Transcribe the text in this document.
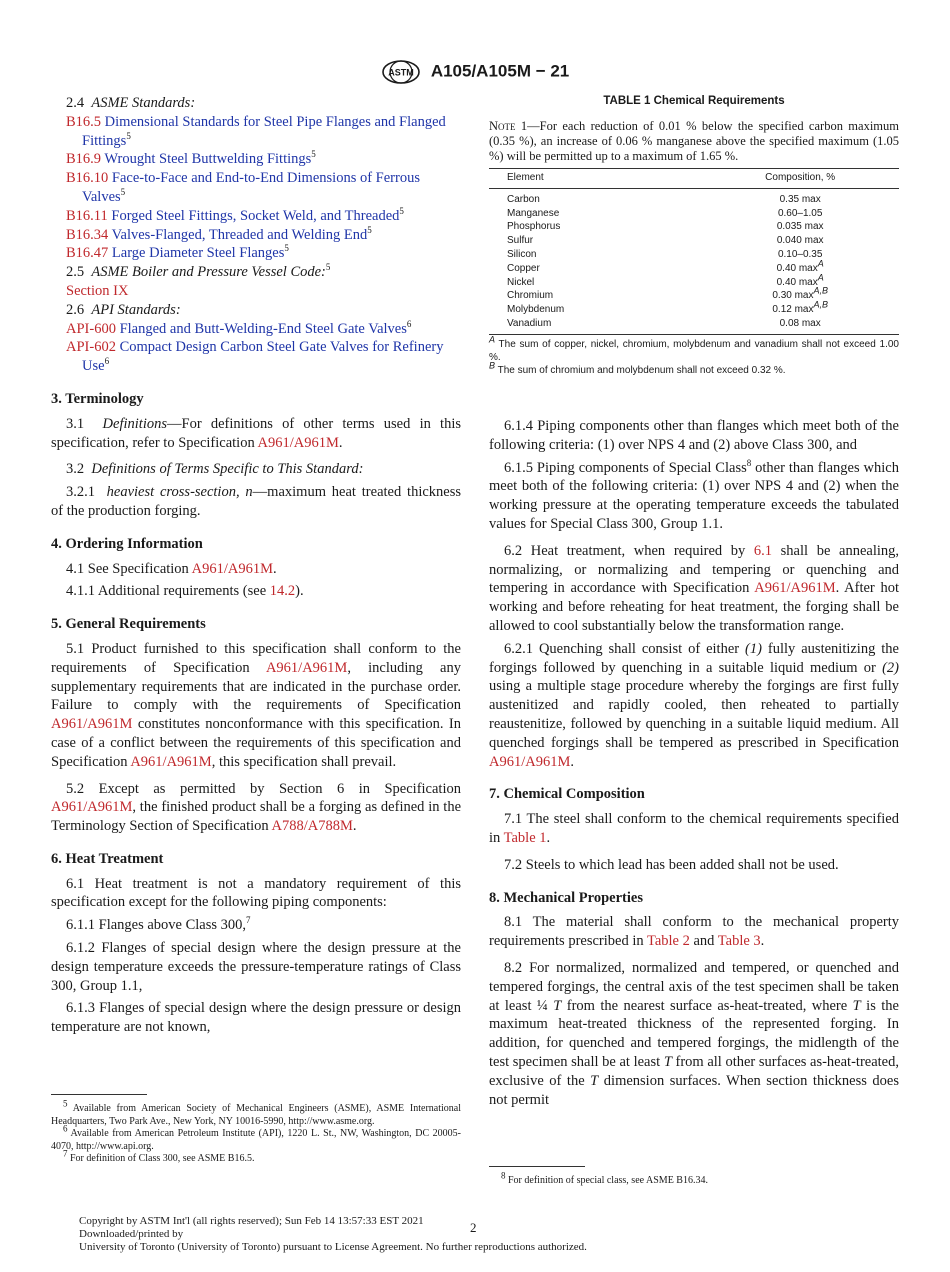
ASTM A105/A105M − 21

2.4 ASME Standards:

B16.5 Dimensional Standards for Steel Pipe Flanges and Flanged Fittings$^5$

B16.9 Wrought Steel Buttwelding Fittings$^5$

B16.10 Face-to-Face and End-to-End Dimensions of Ferrous Valves$^5$

B16.11 Forged Steel Fittings, Socket Weld, and Threaded$^5$

B16.34 Valves-Flanged, Threaded and Welding End$^5$

B16.47 Large Diameter Steel Flanges$^5$

2.5 ASME Boiler and Pressure Vessel Code:$^5$

Section IX

2.6 API Standards:

API-600 Flanged and Butt-Welding-End Steel Gate Valves$^6$

API-602 Compact Design Carbon Steel Gate Valves for Refinery Use$^6$

3. Terminology

3.1 Definitions—For definitions of other terms used in this specification, refer to Specification A961/A961M.

3.2 Definitions of Terms Specific to This Standard:

3.2.1 heaviest cross-section, n—maximum heat treated thickness of the production forging.

4. Ordering Information

4.1 See Specification A961/A961M.

4.1.1 Additional requirements (see 14.2).

5. General Requirements

5.1 Product furnished to this specification shall conform to the requirements of Specification A961/A961M, including any supplementary requirements that are indicated in the purchase order. Failure to comply with the requirements of Specification A961/A961M constitutes nonconformance with this specification. In case of a conflict between the requirements of this specification and Specification A961/A961M, this specification shall prevail.

5.2 Except as permitted by Section 6 in Specification A961/A961M, the finished product shall be a forging as defined in the Terminology Section of Specification A788/A788M.

6. Heat Treatment

6.1 Heat treatment is not a mandatory requirement of this specification except for the following piping components:

6.1.1 Flanges above Class 300,$^7$

6.1.2 Flanges of special design where the design pressure at the design temperature exceeds the pressure-temperature ratings of Class 300, Group 1.1,

6.1.3 Flanges of special design where the design pressure or design temperature are not known,

$^5$ Available from American Society of Mechanical Engineers (ASME), ASME International Headquarters, Two Park Ave., New York, NY 10016-5990, http://www.asme.org.

$^6$ Available from American Petroleum Institute (API), 1220 L. St., NW, Washington, DC 20005-4070, http://www.api.org.

$^7$ For definition of Class 300, see ASME B16.5.

TABLE 1 Chemical Requirements

Note 1—For each reduction of 0.01 % below the specified carbon maximum (0.35 %), an increase of 0.06 % manganese above the specified maximum (1.05 %) will be permitted up to a maximum of 1.65 %.

Element	Composition, %
Carbon	0.35 max
Manganese	0.60–1.05
Phosphorus	0.035 max
Sulfur	0.040 max
Silicon	0.10–0.35
Copper	0.40 $\max^A$
Nickel	0.40 $\max^A$
Chromium	0.30 $\max^{A,B}$
Molybdenum	0.12 $\max^{A,B}$
Vanadium	0.08 max

$^A$ The sum of copper, nickel, chromium, molybdenum and vanadium shall not exceed 1.00 %.

$^B$ The sum of chromium and molybdenum shall not exceed 0.32 %.

6.1.4 Piping components other than flanges which meet both of the following criteria: (1) over NPS 4 and (2) above Class 300, and

6.1.5 Piping components of Special Class$^8$ other than flanges which meet both of the following criteria: (1) over NPS 4 and (2) when the working pressure at the operating temperature exceeds the tabulated values for Special Class 300, Group 1.1.

6.2 Heat treatment, when required by 6.1 shall be annealing, normalizing, or normalizing and tempering or quenching and tempering in accordance with Specification A961/A961M. After hot working and before reheating for heat treatment, the forging shall be allowed to cool substantially below the transformation range.

6.2.1 Quenching shall consist of either (1) fully austenitizing the forgings followed by quenching in a suitable liquid medium or (2) using a multiple stage procedure whereby the forgings are first fully austenitized and rapidly cooled, then reheated to partially reaustenitize, followed by quenching in a suitable liquid medium. All quenched forgings shall be tempered as prescribed in Specification A961/A961M.

7. Chemical Composition

7.1 The steel shall conform to the chemical requirements specified in Table 1.

7.2 Steels to which lead has been added shall not be used.

8. Mechanical Properties

8.1 The material shall conform to the mechanical property requirements prescribed in Table 2 and Table 3.

8.2 For normalized, normalized and tempered, or quenched and tempered forgings, the central axis of the test specimen shall be taken at least ¼ T from the nearest surface as-heat-treated, where T is the maximum heat-treated thickness of the represented forging. In addition, for quenched and tempered forgings, the midlength of the test specimen shall be at least T from all other surfaces as-heat-treated, exclusive of the T dimension surfaces. When section thickness does not permit

$^8$ For definition of special class, see ASME B16.34.

Copyright by ASTM Int'l (all rights reserved); Sun Feb 14 13:57:33 EST 2021
Downloaded/printed by
University of Toronto (University of Toronto) pursuant to License Agreement. No further reproductions authorized.
2
